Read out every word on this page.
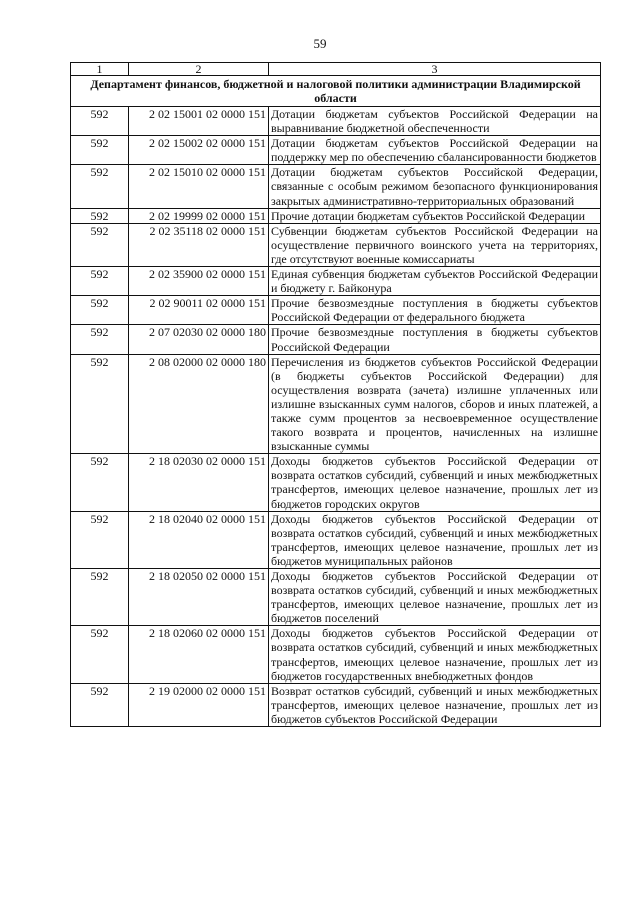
59
1	2	3
Департамент финансов, бюджетной и налоговой политики администрации Владимирской области		
592	2 02 15001 02 0000 151	Дотации бюджетам субъектов Российской Федерации на выравнивание бюджетной обеспеченности
592	2 02 15002 02 0000 151	Дотации бюджетам субъектов Российской Федерации на поддержку мер по обеспечению сбалансированности бюджетов
592	2 02 15010 02 0000 151	Дотации бюджетам субъектов Российской Федерации, связанные с особым режимом безопасного функционирования закрытых административно-территориальных образований
592	2 02 19999 02 0000 151	Прочие дотации бюджетам субъектов Российской Федерации
592	2 02 35118 02 0000 151	Субвенции бюджетам субъектов Российской Федерации на осуществление первичного воинского учета на территориях, где отсутствуют военные комиссариаты
592	2 02 35900 02 0000 151	Единая субвенция бюджетам субъектов Российской Федерации и бюджету г. Байконура
592	2 02 90011 02 0000 151	Прочие безвозмездные поступления в бюджеты субъектов Российской Федерации от федерального бюджета
592	2 07 02030 02 0000 180	Прочие безвозмездные поступления в бюджеты субъектов Российской Федерации
592	2 08 02000 02 0000 180	Перечисления из бюджетов субъектов Российской Федерации (в бюджеты субъектов Российской Федерации) для осуществления возврата (зачета) излишне уплаченных или излишне взысканных сумм налогов, сборов и иных платежей, а также сумм процентов за несвоевременное осуществление такого возврата и процентов, начисленных на излишне взысканные суммы
592	2 18 02030 02 0000 151	Доходы бюджетов субъектов Российской Федерации от возврата остатков субсидий, субвенций и иных межбюджетных трансфертов, имеющих целевое назначение, прошлых лет из бюджетов городских округов
592	2 18 02040 02 0000 151	Доходы бюджетов субъектов Российской Федерации от возврата остатков субсидий, субвенций и иных межбюджетных трансфертов, имеющих целевое назначение, прошлых лет из бюджетов муниципальных районов
592	2 18 02050 02 0000 151	Доходы бюджетов субъектов Российской Федерации от возврата остатков субсидий, субвенций и иных межбюджетных трансфертов, имеющих целевое назначение, прошлых лет из бюджетов поселений
592	2 18 02060 02 0000 151	Доходы бюджетов субъектов Российской Федерации от возврата остатков субсидий, субвенций и иных межбюджетных трансфертов, имеющих целевое назначение, прошлых лет из бюджетов государственных внебюджетных фондов
592	2 19 02000 02 0000 151	Возврат остатков субсидий, субвенций и иных межбюджетных трансфертов, имеющих целевое назначение, прошлых лет из бюджетов субъектов Российской Федерации
